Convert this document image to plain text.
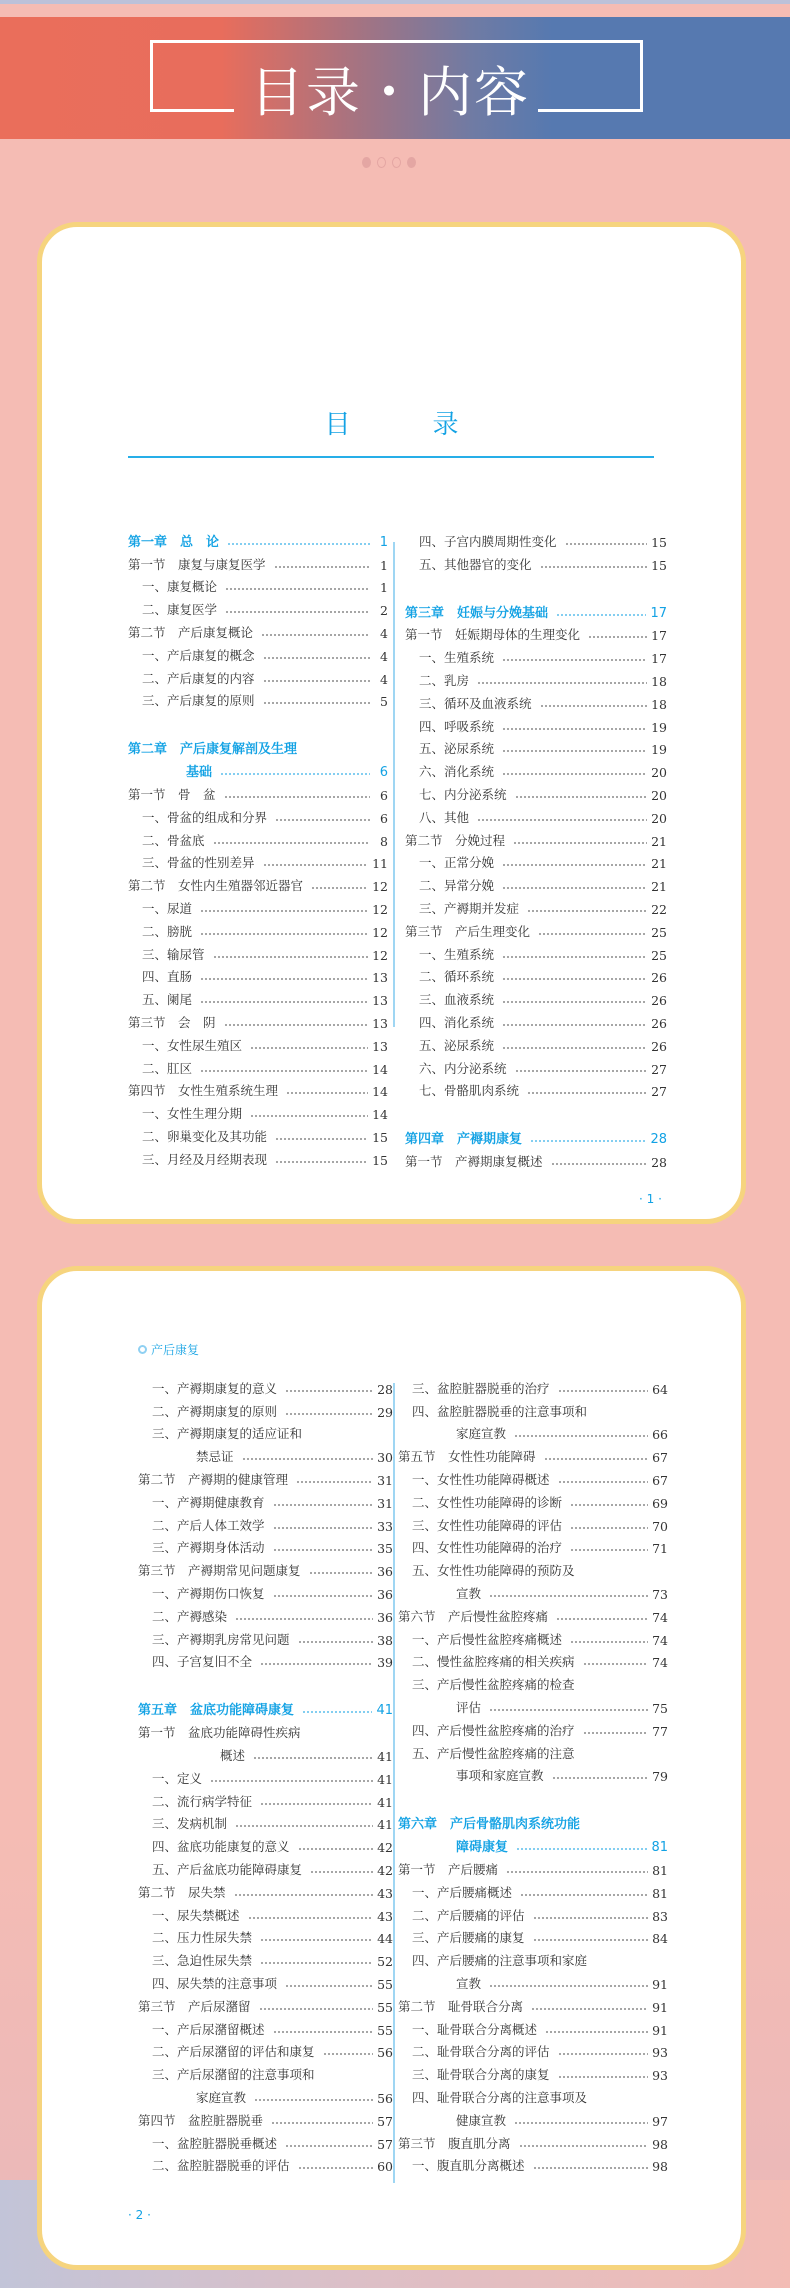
目录・内容
目　录
第一章　总　论	1
第一节　康复与康复医学	1
一、康复概论	1
二、康复医学	2
第二节　产后康复概论	4
一、产后康复的概念	4
二、产后康复的内容	4
三、产后康复的原则	5
第二章　产后康复解剖及生理
基础	6
第一节　骨　盆	6
一、骨盆的组成和分界	6
二、骨盆底	8
三、骨盆的性别差异	11
第二节　女性内生殖器邻近器官	12
一、尿道	12
二、膀胱	12
三、输尿管	12
四、直肠	13
五、阑尾	13
第三节　会　阴	13
一、女性尿生殖区	13
二、肛区	14
第四节　女性生殖系统生理	14
一、女性生理分期	14
二、卵巢变化及其功能	15
三、月经及月经期表现	15
四、子宫内膜周期性变化	15
五、其他器官的变化	15
第三章　妊娠与分娩基础	17
第一节　妊娠期母体的生理变化	17
一、生殖系统	17
二、乳房	18
三、循环及血液系统	18
四、呼吸系统	19
五、泌尿系统	19
六、消化系统	20
七、内分泌系统	20
八、其他	20
第二节　分娩过程	21
一、正常分娩	21
二、异常分娩	21
三、产褥期并发症	22
第三节　产后生理变化	25
一、生殖系统	25
二、循环系统	26
三、血液系统	26
四、消化系统	26
五、泌尿系统	26
六、内分泌系统	27
七、骨骼肌肉系统	27
第四章　产褥期康复	28
第一节　产褥期康复概述	28
· 1 ·
产后康复
一、产褥期康复的意义	28
二、产褥期康复的原则	29
三、产褥期康复的适应证和
禁忌证	30
第二节　产褥期的健康管理	31
一、产褥期健康教育	31
二、产后人体工效学	33
三、产褥期身体活动	35
第三节　产褥期常见问题康复	36
一、产褥期伤口恢复	36
二、产褥感染	36
三、产褥期乳房常见问题	38
四、子宫复旧不全	39
第五章　盆底功能障碍康复	41
第一节　盆底功能障碍性疾病
概述	41
一、定义	41
二、流行病学特征	41
三、发病机制	41
四、盆底功能康复的意义	42
五、产后盆底功能障碍康复	42
第二节　尿失禁	43
一、尿失禁概述	43
二、压力性尿失禁	44
三、急迫性尿失禁	52
四、尿失禁的注意事项	55
第三节　产后尿潴留	55
一、产后尿潴留概述	55
二、产后尿潴留的评估和康复	56
三、产后尿潴留的注意事项和
家庭宣教	56
第四节　盆腔脏器脱垂	57
一、盆腔脏器脱垂概述	57
二、盆腔脏器脱垂的评估	60
三、盆腔脏器脱垂的治疗	64
四、盆腔脏器脱垂的注意事项和
家庭宣教	66
第五节　女性性功能障碍	67
一、女性性功能障碍概述	67
二、女性性功能障碍的诊断	69
三、女性性功能障碍的评估	70
四、女性性功能障碍的治疗	71
五、女性性功能障碍的预防及
宣教	73
第六节　产后慢性盆腔疼痛	74
一、产后慢性盆腔疼痛概述	74
二、慢性盆腔疼痛的相关疾病	74
三、产后慢性盆腔疼痛的检查
评估	75
四、产后慢性盆腔疼痛的治疗	77
五、产后慢性盆腔疼痛的注意
事项和家庭宣教	79
第六章　产后骨骼肌肉系统功能
障碍康复	81
第一节　产后腰痛	81
一、产后腰痛概述	81
二、产后腰痛的评估	83
三、产后腰痛的康复	84
四、产后腰痛的注意事项和家庭
宣教	91
第二节　耻骨联合分离	91
一、耻骨联合分离概述	91
二、耻骨联合分离的评估	93
三、耻骨联合分离的康复	93
四、耻骨联合分离的注意事项及
健康宣教	97
第三节　腹直肌分离	98
一、腹直肌分离概述	98
· 2 ·
